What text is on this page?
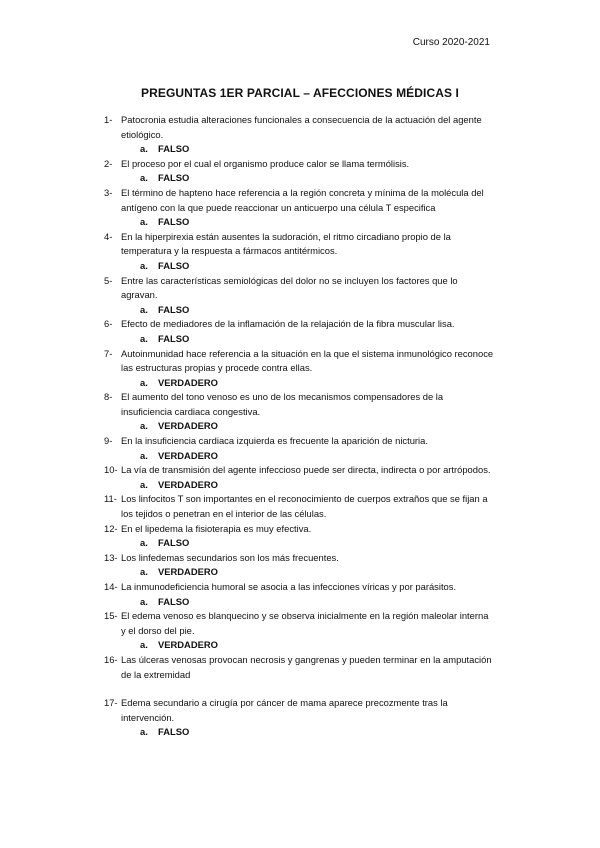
Curso 2020-2021
PREGUNTAS 1ER PARCIAL – AFECCIONES MÉDICAS I
1- Patocronia estudia alteraciones funcionales a consecuencia de la actuación del agente etiológico.
a. FALSO
2- El proceso por el cual el organismo produce calor se llama termólisis.
a. FALSO
3- El término de hapteno hace referencia a la región concreta y mínima de la molécula del antígeno con la que puede reaccionar un anticuerpo una célula T especifica
a. FALSO
4- En la hiperpirexia están ausentes la sudoración, el ritmo circadiano propio de la temperatura y la respuesta a fármacos antitérmicos.
a. FALSO
5- Entre las características semiológicas del dolor no se incluyen los factores que lo agravan.
a. FALSO
6- Efecto de mediadores de la inflamación de la relajación de la fibra muscular lisa.
a. FALSO
7- Autoinmunidad hace referencia a la situación en la que el sistema inmunológico reconoce las estructuras propias y procede contra ellas.
a. VERDADERO
8- El aumento del tono venoso es uno de los mecanismos compensadores de la insuficiencia cardiaca congestiva.
a. VERDADERO
9- En la insuficiencia cardiaca izquierda es frecuente la aparición de nicturia.
a. VERDADERO
10- La vía de transmisión del agente infeccioso puede ser directa, indirecta o por artrópodos.
a. VERDADERO
11- Los linfocitos T son importantes en el reconocimiento de cuerpos extraños que se fijan a los tejidos o penetran en el interior de las células.
12- En el lipedema la fisioterapia es muy efectiva.
a. FALSO
13- Los linfedemas secundarios son los más frecuentes.
a. VERDADERO
14- La inmunodeficiencia humoral se asocia a las infecciones víricas y por parásitos.
a. FALSO
15- El edema venoso es blanquecino y se observa inicialmente en la región maleolar interna y el dorso del pie.
a. VERDADERO
16- Las úlceras venosas provocan necrosis y gangrenas y pueden terminar en la amputación de la extremidad
17- Edema secundario a cirugía por cáncer de mama aparece precozmente tras la intervención.
a. FALSO
